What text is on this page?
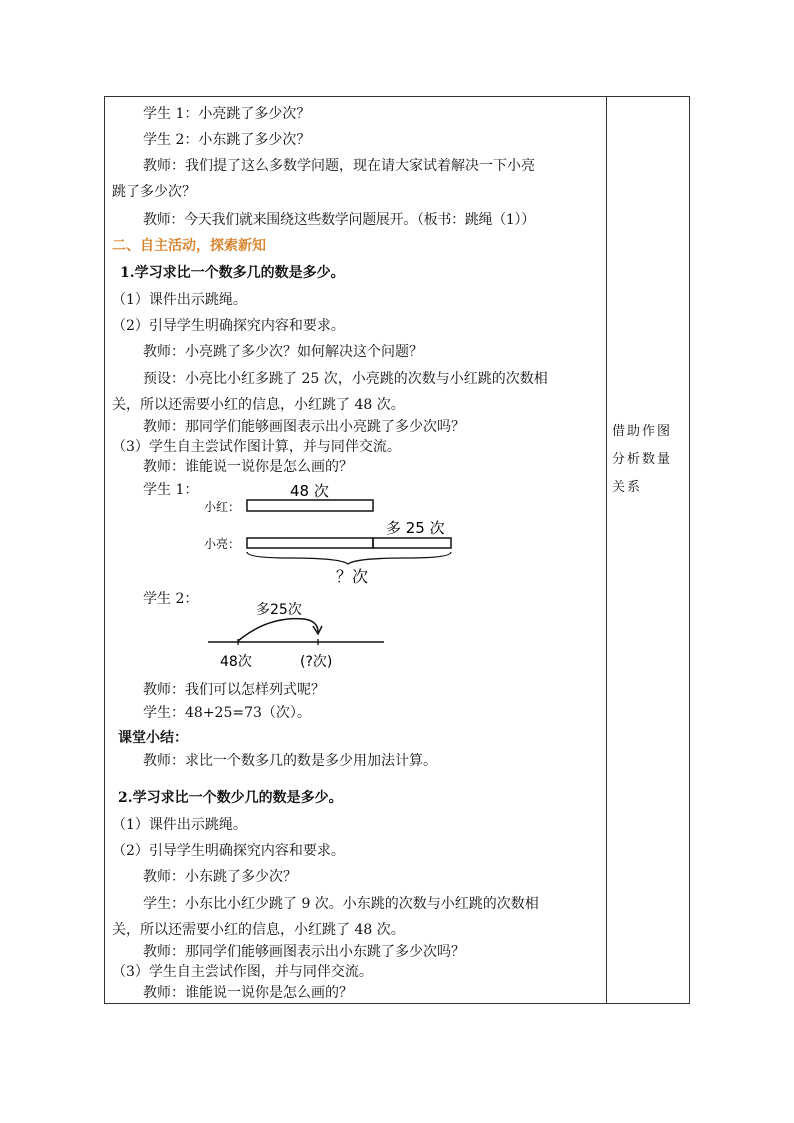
学生 1：小亮跳了多少次？
学生 2：小东跳了多少次？
教师：我们提了这么多数学问题，现在请大家试着解决一下小亮
跳了多少次？
教师：今天我们就来围绕这些数学问题展开。（板书：跳绳（1））
二、自主活动，探索新知
1.学习求比一个数多几的数是多少。
（1）课件出示跳绳。
（2）引导学生明确探究内容和要求。
教师：小亮跳了多少次？如何解决这个问题？
预设：小亮比小红多跳了 25 次，小亮跳的次数与小红跳的次数相
关，所以还需要小红的信息，小红跳了 48 次。
教师：那同学们能够画图表示出小亮跳了多少次吗？
（3）学生自主尝试作图计算，并与同伴交流。
教师：谁能说一说你是怎么画的？
学生 1：
小红：
48 次
小亮：
多 25 次
？次
学生 2：
多25次
48次	(?次)
教师：我们可以怎样列式呢？
学生：48+25=73（次）。
课堂小结：
教师：求比一个数多几的数是多少用加法计算。
2.学习求比一个数少几的数是多少。
（1）课件出示跳绳。
（2）引导学生明确探究内容和要求。
教师：小东跳了多少次？
学生：小东比小红少跳了 9 次。小东跳的次数与小红跳的次数相
关，所以还需要小红的信息，小红跳了 48 次。
教师：那同学们能够画图表示出小东跳了多少次吗？
（3）学生自主尝试作图，并与同伴交流。
教师：谁能说一说你是怎么画的？
借助作图分析数量关系
